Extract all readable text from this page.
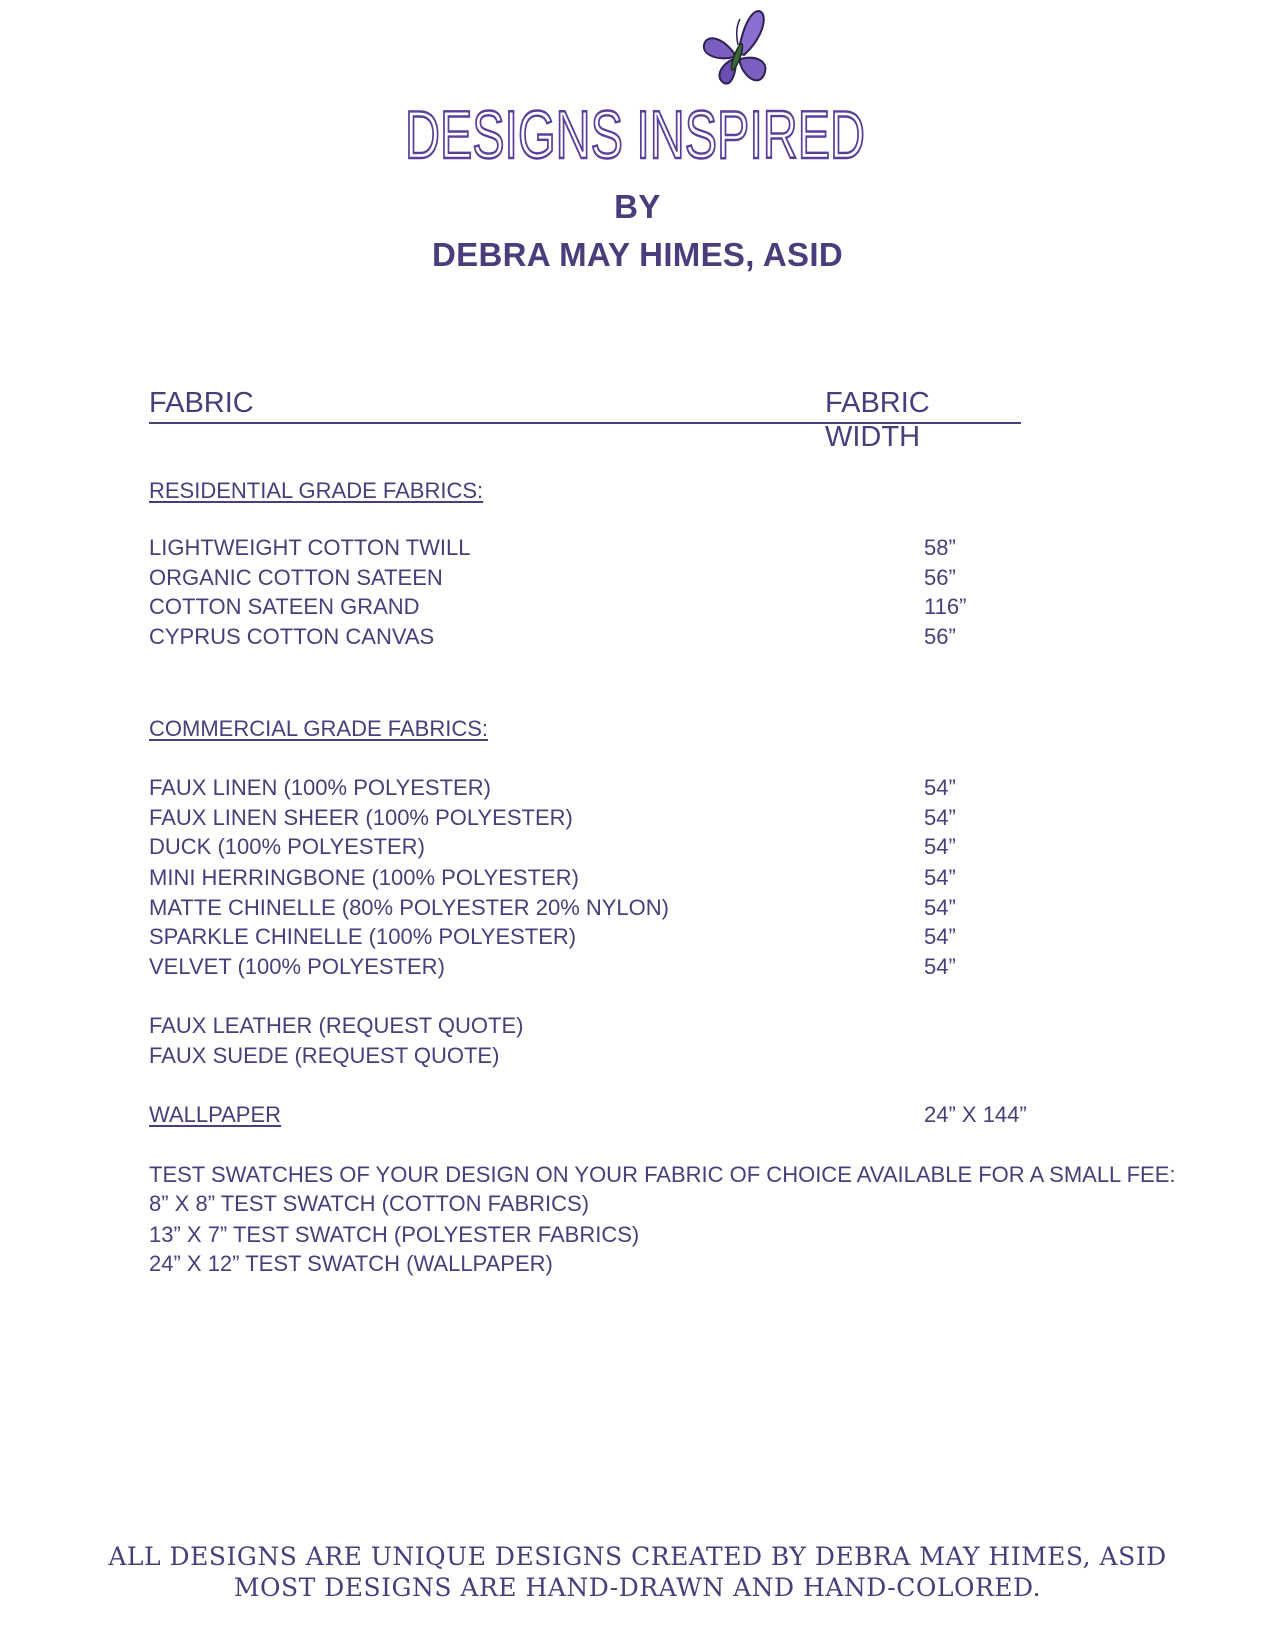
DESIGNS INSPIRED
BY
DEBRA MAY HIMES, ASID
FABRIC	FABRIC WIDTH
RESIDENTIAL GRADE FABRICS:
LIGHTWEIGHT COTTON TWILL	58”
ORGANIC COTTON SATEEN	56”
COTTON SATEEN GRAND	116”
CYPRUS COTTON CANVAS	56”
COMMERCIAL GRADE FABRICS:
FAUX LINEN (100% POLYESTER)	54”
FAUX LINEN SHEER (100% POLYESTER)	54”
DUCK (100% POLYESTER)	54”
MINI HERRINGBONE (100% POLYESTER)	54”
MATTE CHINELLE (80% POLYESTER 20% NYLON)	54”
SPARKLE CHINELLE (100% POLYESTER)	54”
VELVET (100% POLYESTER)	54”
FAUX LEATHER (REQUEST QUOTE)
FAUX SUEDE (REQUEST QUOTE)
WALLPAPER	24” X 144”
TEST SWATCHES OF YOUR DESIGN ON YOUR FABRIC OF CHOICE AVAILABLE FOR A SMALL FEE:
8” X 8” TEST SWATCH (COTTON FABRICS)
13” X 7” TEST SWATCH (POLYESTER FABRICS)
24” X 12” TEST SWATCH (WALLPAPER)
ALL DESIGNS ARE UNIQUE DESIGNS CREATED BY DEBRA MAY HIMES, ASID
MOST DESIGNS ARE HAND-DRAWN AND HAND-COLORED.
